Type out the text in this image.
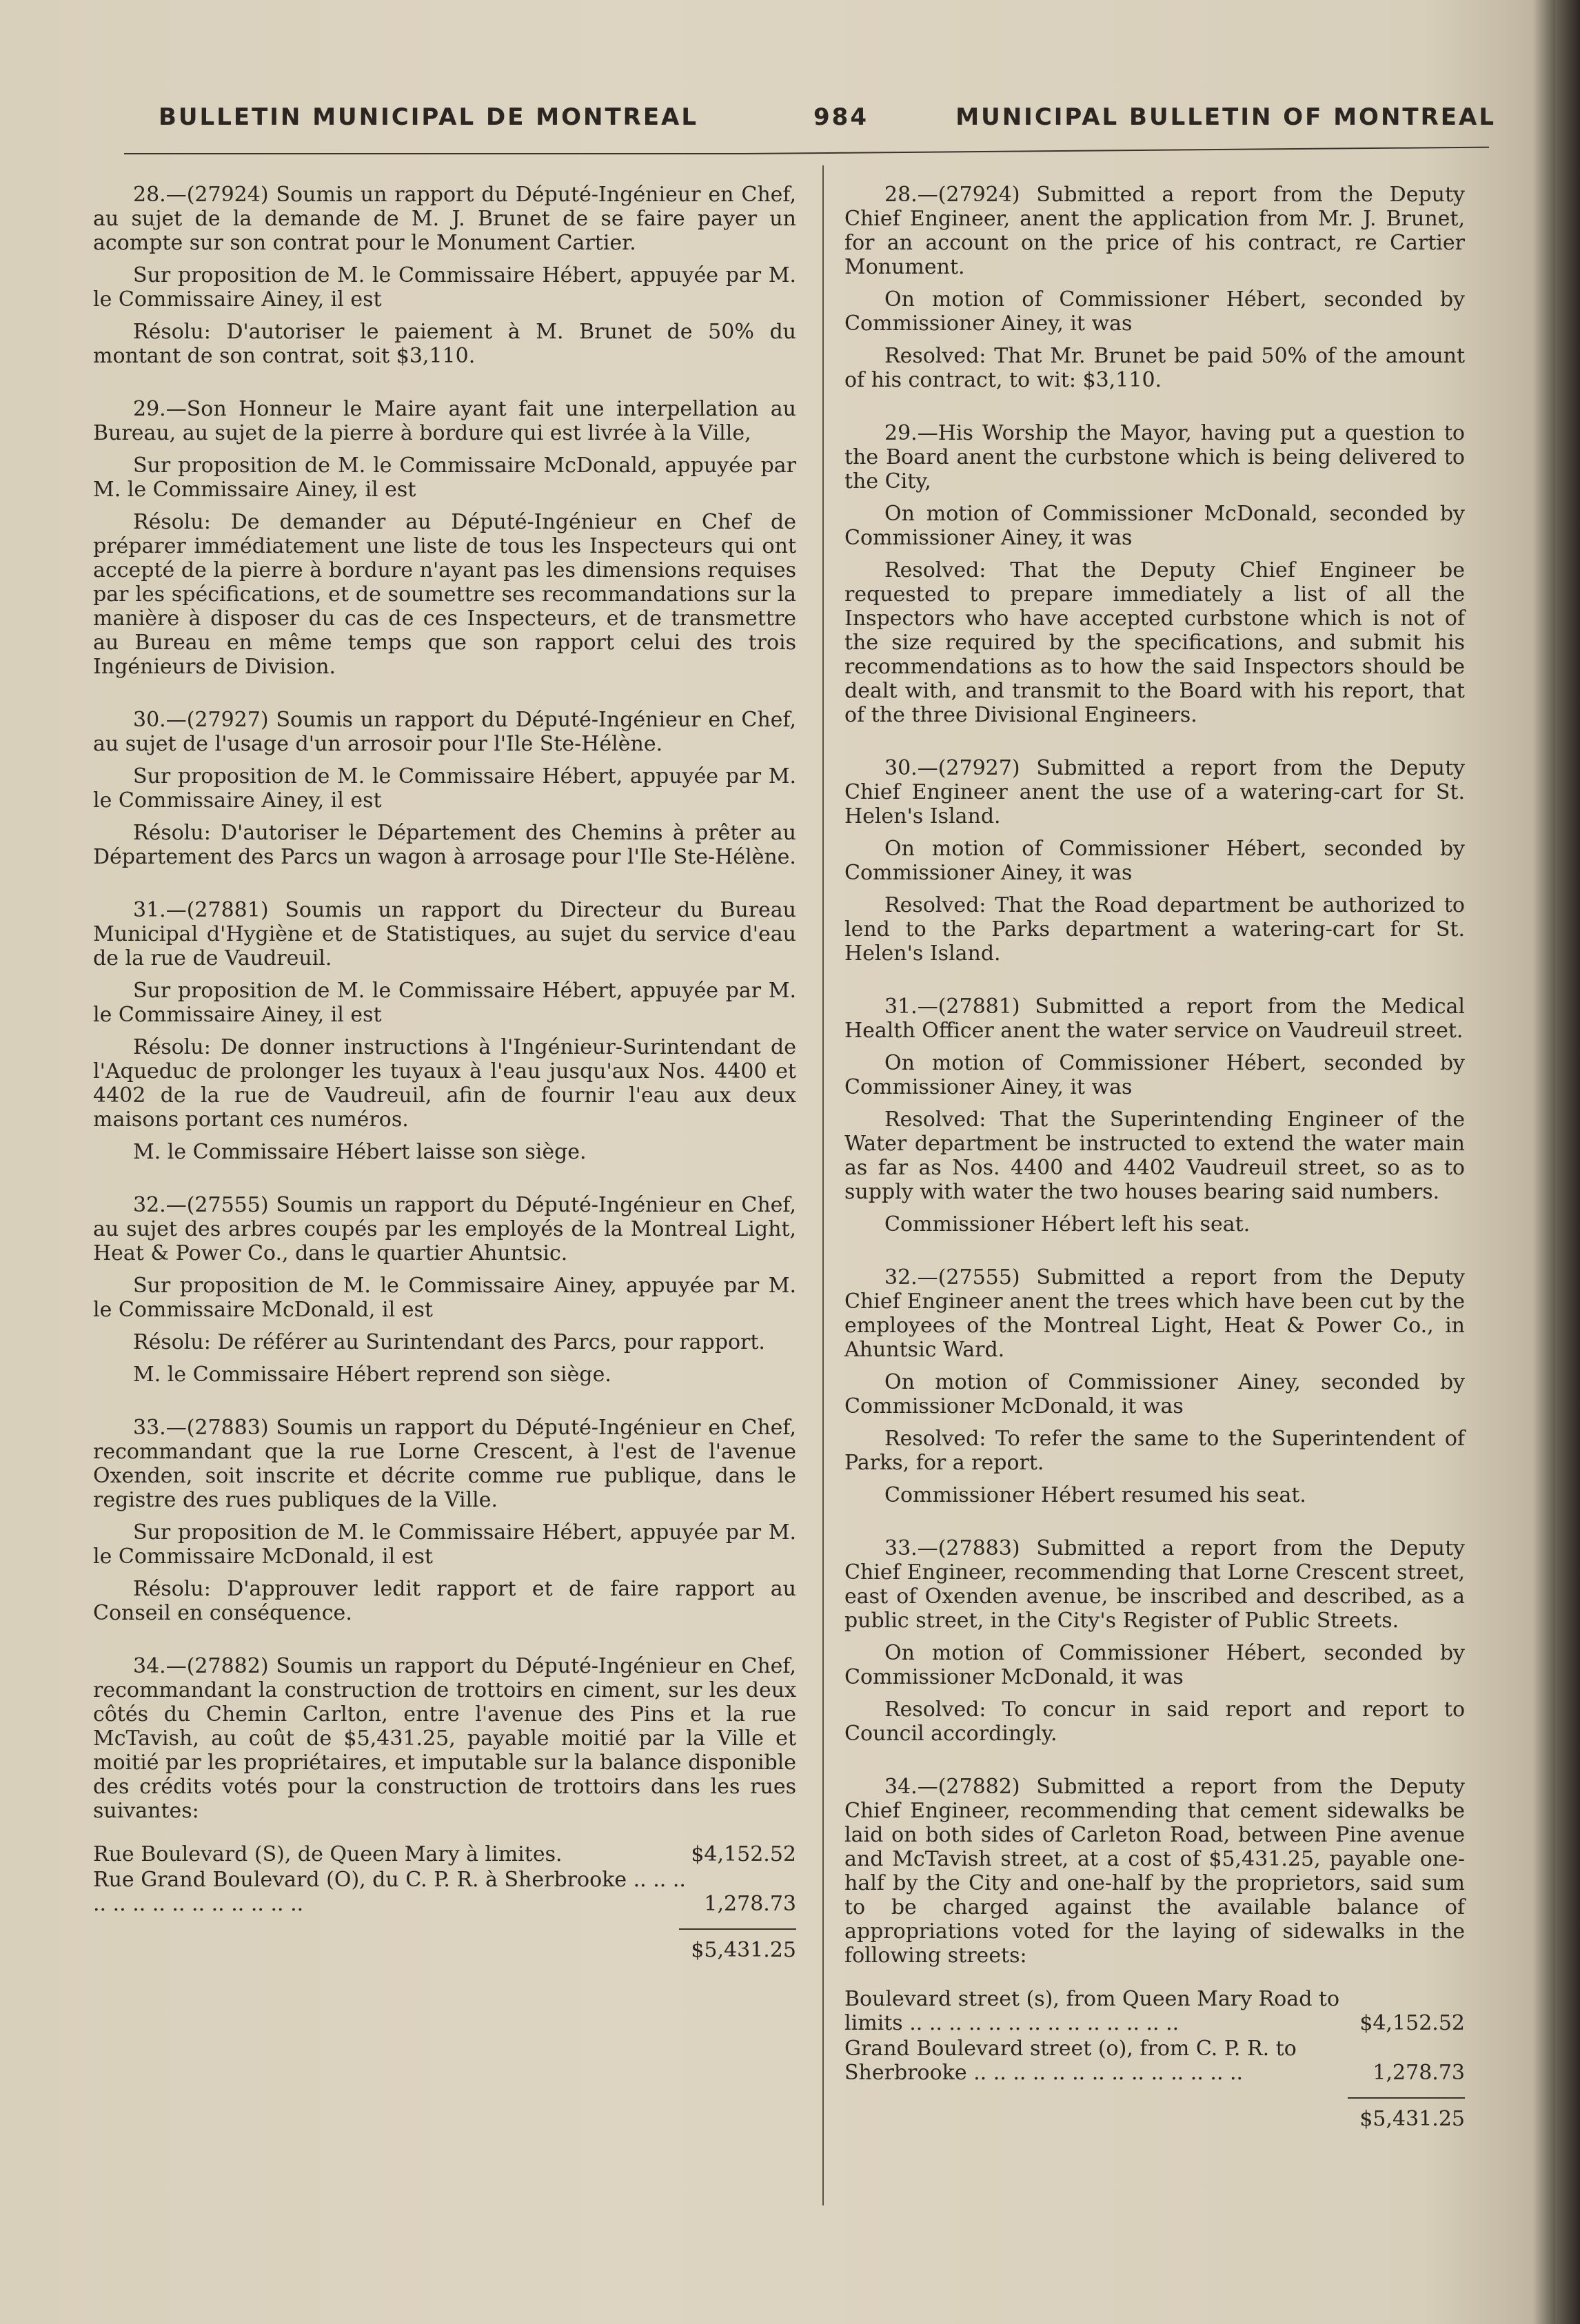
BULLETIN MUNICIPAL DE MONTREAL	984	MUNICIPAL BULLETIN OF MONTREAL

28.—(27924) Soumis un rapport du Député-Ingénieur en Chef, au sujet de la demande de M. J. Brunet de se faire payer un acompte sur son contrat pour le Monument Cartier.

Sur proposition de M. le Commissaire Hébert, appuyée par M. le Commissaire Ainey, il est

Résolu: D'autoriser le paiement à M. Brunet de 50% du montant de son contrat, soit $3,110.

29.—Son Honneur le Maire ayant fait une interpellation au Bureau, au sujet de la pierre à bordure qui est livrée à la Ville,

Sur proposition de M. le Commissaire McDonald, appuyée par M. le Commissaire Ainey, il est

Résolu: De demander au Député-Ingénieur en Chef de préparer immédiatement une liste de tous les Inspecteurs qui ont accepté de la pierre à bordure n'ayant pas les dimensions requises par les spécifications, et de soumettre ses recommandations sur la manière à disposer du cas de ces Inspecteurs, et de transmettre au Bureau en même temps que son rapport celui des trois Ingénieurs de Division.

30.—(27927) Soumis un rapport du Député-Ingénieur en Chef, au sujet de l'usage d'un arrosoir pour l'Ile Ste-Hélène.

Sur proposition de M. le Commissaire Hébert, appuyée par M. le Commissaire Ainey, il est

Résolu: D'autoriser le Département des Chemins à prêter au Département des Parcs un wagon à arrosage pour l'Ile Ste-Hélène.

31.—(27881) Soumis un rapport du Directeur du Bureau Municipal d'Hygiène et de Statistiques, au sujet du service d'eau de la rue de Vaudreuil.

Sur proposition de M. le Commissaire Hébert, appuyée par M. le Commissaire Ainey, il est

Résolu: De donner instructions à l'Ingénieur-Surintendant de l'Aqueduc de prolonger les tuyaux à l'eau jusqu'aux Nos. 4400 et 4402 de la rue de Vaudreuil, afin de fournir l'eau aux deux maisons portant ces numéros.

M. le Commissaire Hébert laisse son siège.

32.—(27555) Soumis un rapport du Député-Ingénieur en Chef, au sujet des arbres coupés par les employés de la Montreal Light, Heat & Power Co., dans le quartier Ahuntsic.

Sur proposition de M. le Commissaire Ainey, appuyée par M. le Commissaire McDonald, il est

Résolu: De référer au Surintendant des Parcs, pour rapport.

M. le Commissaire Hébert reprend son siège.

33.—(27883) Soumis un rapport du Député-Ingénieur en Chef, recommandant que la rue Lorne Crescent, à l'est de l'avenue Oxenden, soit inscrite et décrite comme rue publique, dans le registre des rues publiques de la Ville.

Sur proposition de M. le Commissaire Hébert, appuyée par M. le Commissaire McDonald, il est

Résolu: D'approuver ledit rapport et de faire rapport au Conseil en conséquence.

34.—(27882) Soumis un rapport du Député-Ingénieur en Chef, recommandant la construction de trottoirs en ciment, sur les deux côtés du Chemin Carlton, entre l'avenue des Pins et la rue McTavish, au coût de $5,431.25, payable moitié par la Ville et moitié par les propriétaires, et imputable sur la balance disponible des crédits votés pour la construction de trottoirs dans les rues suivantes:

Rue Boulevard (S), de Queen Mary à limites.	$4,152.52
Rue Grand Boulevard (O), du C. P. R. à Sherbrooke .. .. .. .. .. .. .. .. .. .. .. .. .. ..	1,278.73
$5,431.25

28.—(27924) Submitted a report from the Deputy Chief Engineer, anent the application from Mr. J. Brunet, for an account on the price of his contract, re Cartier Monument.

On motion of Commissioner Hébert, seconded by Commissioner Ainey, it was

Resolved: That Mr. Brunet be paid 50% of the amount of his contract, to wit: $3,110.

29.—His Worship the Mayor, having put a question to the Board anent the curbstone which is being delivered to the City,

On motion of Commissioner McDonald, seconded by Commissioner Ainey, it was

Resolved: That the Deputy Chief Engineer be requested to prepare immediately a list of all the Inspectors who have accepted curbstone which is not of the size required by the specifications, and submit his recommendations as to how the said Inspectors should be dealt with, and transmit to the Board with his report, that of the three Divisional Engineers.

30.—(27927) Submitted a report from the Deputy Chief Engineer anent the use of a watering-cart for St. Helen's Island.

On motion of Commissioner Hébert, seconded by Commissioner Ainey, it was

Resolved: That the Road department be authorized to lend to the Parks department a watering-cart for St. Helen's Island.

31.—(27881) Submitted a report from the Medical Health Officer anent the water service on Vaudreuil street.

On motion of Commissioner Hébert, seconded by Commissioner Ainey, it was

Resolved: That the Superintending Engineer of the Water department be instructed to extend the water main as far as Nos. 4400 and 4402 Vaudreuil street, so as to supply with water the two houses bearing said numbers.

Commissioner Hébert left his seat.

32.—(27555) Submitted a report from the Deputy Chief Engineer anent the trees which have been cut by the employees of the Montreal Light, Heat & Power Co., in Ahuntsic Ward.

On motion of Commissioner Ainey, seconded by Commissioner McDonald, it was

Resolved: To refer the same to the Superintendent of Parks, for a report.

Commissioner Hébert resumed his seat.

33.—(27883) Submitted a report from the Deputy Chief Engineer, recommending that Lorne Crescent street, east of Oxenden avenue, be inscribed and described, as a public street, in the City's Register of Public Streets.

On motion of Commissioner Hébert, seconded by Commissioner McDonald, it was

Resolved: To concur in said report and report to Council accordingly.

34.—(27882) Submitted a report from the Deputy Chief Engineer, recommending that cement sidewalks be laid on both sides of Carleton Road, between Pine avenue and McTavish street, at a cost of $5,431.25, payable one-half by the City and one-half by the proprietors, said sum to be charged against the available balance of appropriations voted for the laying of sidewalks in the following streets:

Boulevard street (s), from Queen Mary Road to limits .. .. .. .. .. .. .. .. .. .. .. .. .. ..	$4,152.52
Grand Boulevard street (o), from C. P. R. to Sherbrooke .. .. .. .. .. .. .. .. .. .. .. .. .. ..	1,278.73
$5,431.25
